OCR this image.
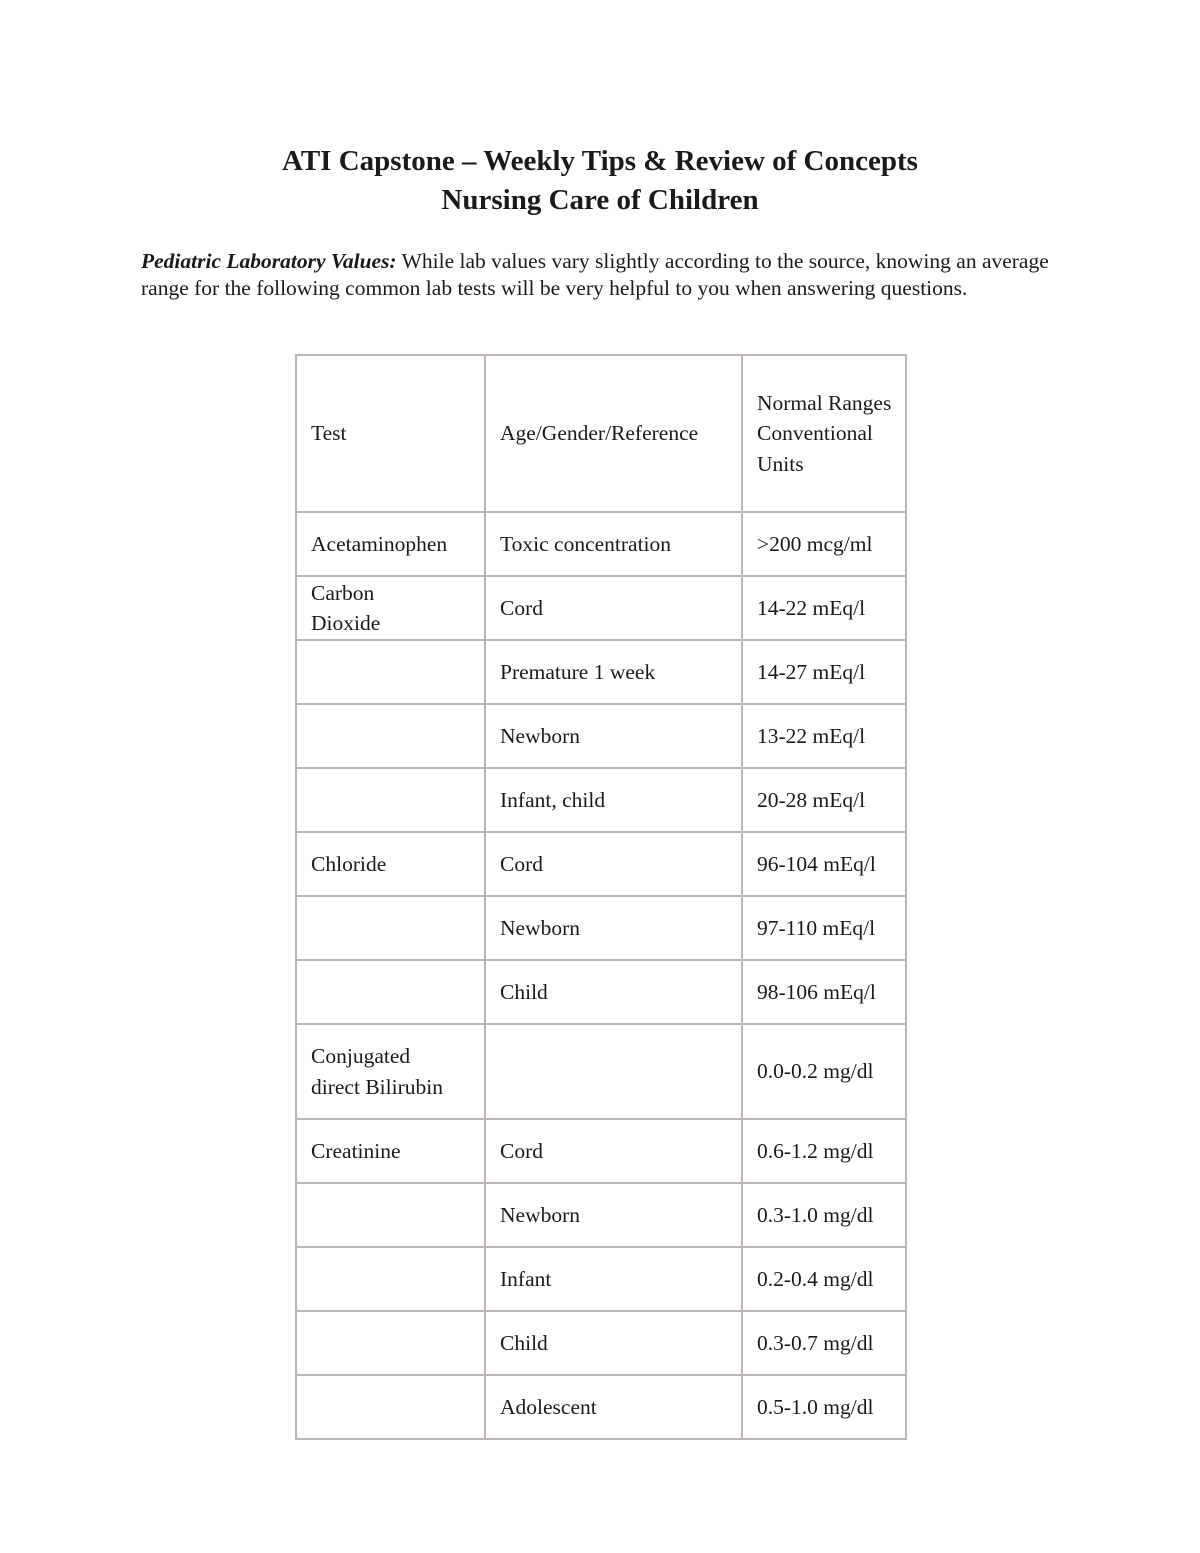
ATI Capstone – Weekly Tips & Review of Concepts
Nursing Care of Children

Pediatric Laboratory Values: While lab values vary slightly according to the source, knowing an average range for the following common lab tests will be very helpful to you when answering questions.

Test	Age/Gender/Reference	Normal Ranges Conventional Units

Acetaminophen	Toxic concentration	>200 mcg/ml
Carbon Dioxide	Cord	14-22 mEq/l
	Premature 1 week	14-27 mEq/l
	Newborn	13-22 mEq/l
	Infant, child	20-28 mEq/l
Chloride	Cord	96-104 mEq/l
	Newborn	97-110 mEq/l
	Child	98-106 mEq/l
Conjugated direct Bilirubin		0.0-0.2 mg/dl
Creatinine	Cord	0.6-1.2 mg/dl
	Newborn	0.3-1.0 mg/dl
	Infant	0.2-0.4 mg/dl
	Child	0.3-0.7 mg/dl
	Adolescent	0.5-1.0 mg/dl
